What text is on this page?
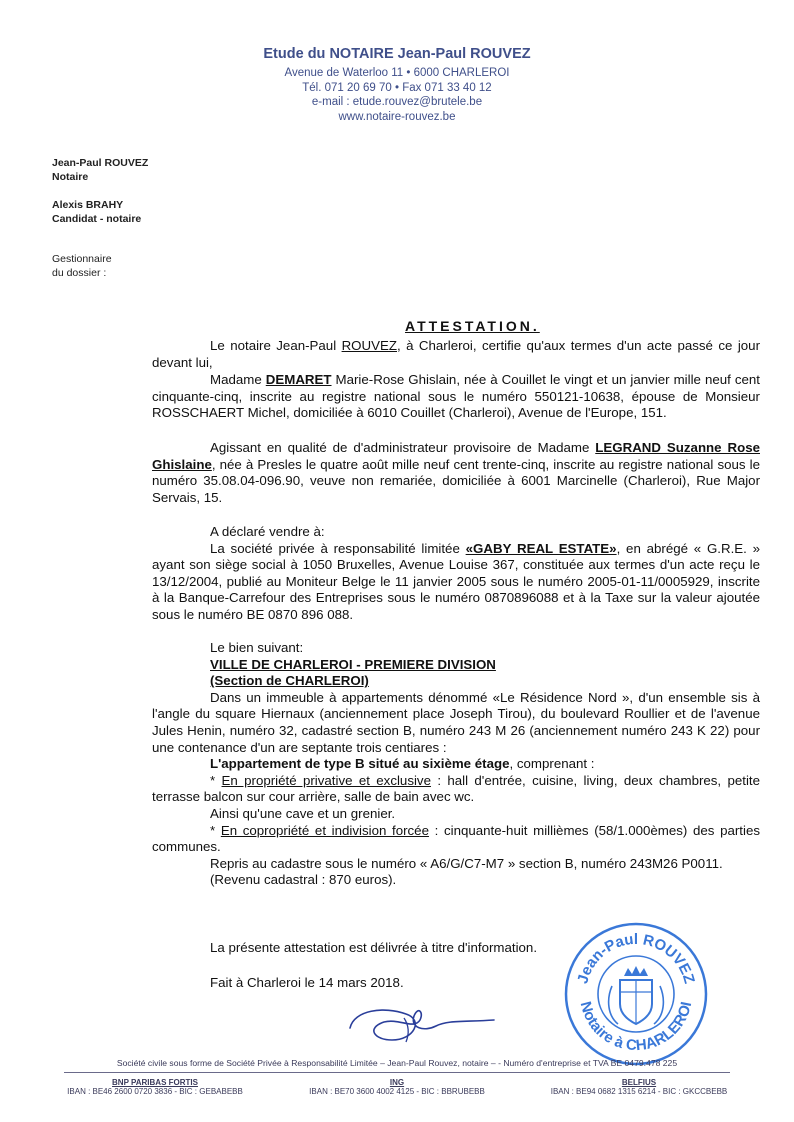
Etude du NOTAIRE Jean-Paul ROUVEZ
Avenue de Waterloo 11 • 6000 CHARLEROI
Tél. 071 20 69 70 • Fax 071 33 40 12
e-mail : etude.rouvez@brutele.be
www.notaire-rouvez.be
Jean-Paul ROUVEZ
Notaire
Alexis BRAHY
Candidat - notaire
Gestionnaire
du dossier :
ATTESTATION.

Le notaire Jean-Paul ROUVEZ, à Charleroi, certifie qu'aux termes d'un acte passé ce jour devant lui,

Madame DEMARET Marie-Rose Ghislain, née à Couillet le vingt et un janvier mille neuf cent cinquante-cinq, inscrite au registre national sous le numéro 550121-10638, épouse de Monsieur ROSSCHAERT Michel, domiciliée à 6010 Couillet (Charleroi), Avenue de l'Europe, 151.

Agissant en qualité de d'administrateur provisoire de Madame LEGRAND Suzanne Rose Ghislaine, née à Presles le quatre août mille neuf cent trente-cinq, inscrite au registre national sous le numéro 35.08.04-096.90, veuve non remariée, domiciliée à 6001 Marcinelle (Charleroi), Rue Major Servais, 15.

A déclaré vendre à:

La société privée à responsabilité limitée «GABY REAL ESTATE», en abrégé « G.R.E. » ayant son siège social à 1050 Bruxelles, Avenue Louise 367, constituée aux termes d'un acte reçu le 13/12/2004, publié au Moniteur Belge le 11 janvier 2005 sous le numéro 2005-01-11/0005929, inscrite à la Banque-Carrefour des Entreprises sous le numéro 0870896088 et à la Taxe sur la valeur ajoutée sous le numéro BE 0870 896 088.

Le bien suivant:

VILLE DE CHARLEROI - PREMIERE DIVISION

(Section de CHARLEROI)

Dans un immeuble à appartements dénommé «Le Résidence Nord », d'un ensemble sis à l'angle du square Hiernaux (anciennement place Joseph Tirou), du boulevard Roullier et de l'avenue Jules Henin, numéro 32, cadastré section B, numéro 243 M 26 (anciennement numéro 243 K 22) pour une contenance d'un are septante trois centiares :

L'appartement de type B situé au sixième étage, comprenant :

* En propriété privative et exclusive : hall d'entrée, cuisine, living, deux chambres, petite terrasse balcon sur cour arrière, salle de bain avec wc.

Ainsi qu'une cave et un grenier.

* En copropriété et indivision forcée : cinquante-huit millièmes (58/1.000èmes) des parties communes.

Repris au cadastre sous le numéro « A6/G/C7-M7 » section B, numéro 243M26 P0011.

(Revenu cadastral : 870 euros).

La présente attestation est délivrée à titre d'information.

Fait à Charleroi le 14 mars 2018.	Jean-Paul ROUVEZ
Notaire à CHARLEROI
Société civile sous forme de Société Privée à Responsabilité Limitée – Jean-Paul Rouvez, notaire – - Numéro d'entreprise et TVA BE 0479.478 225
BNP PARIBAS FORTIS
IBAN : BE46 2600 0720 3836 - BIC : GEBABEBB
ING
IBAN : BE70 3600 4002 4125 - BIC : BBRUBEBB
BELFIUS
IBAN : BE94 0682 1315 6214 - BIC : GKCCBEBB
